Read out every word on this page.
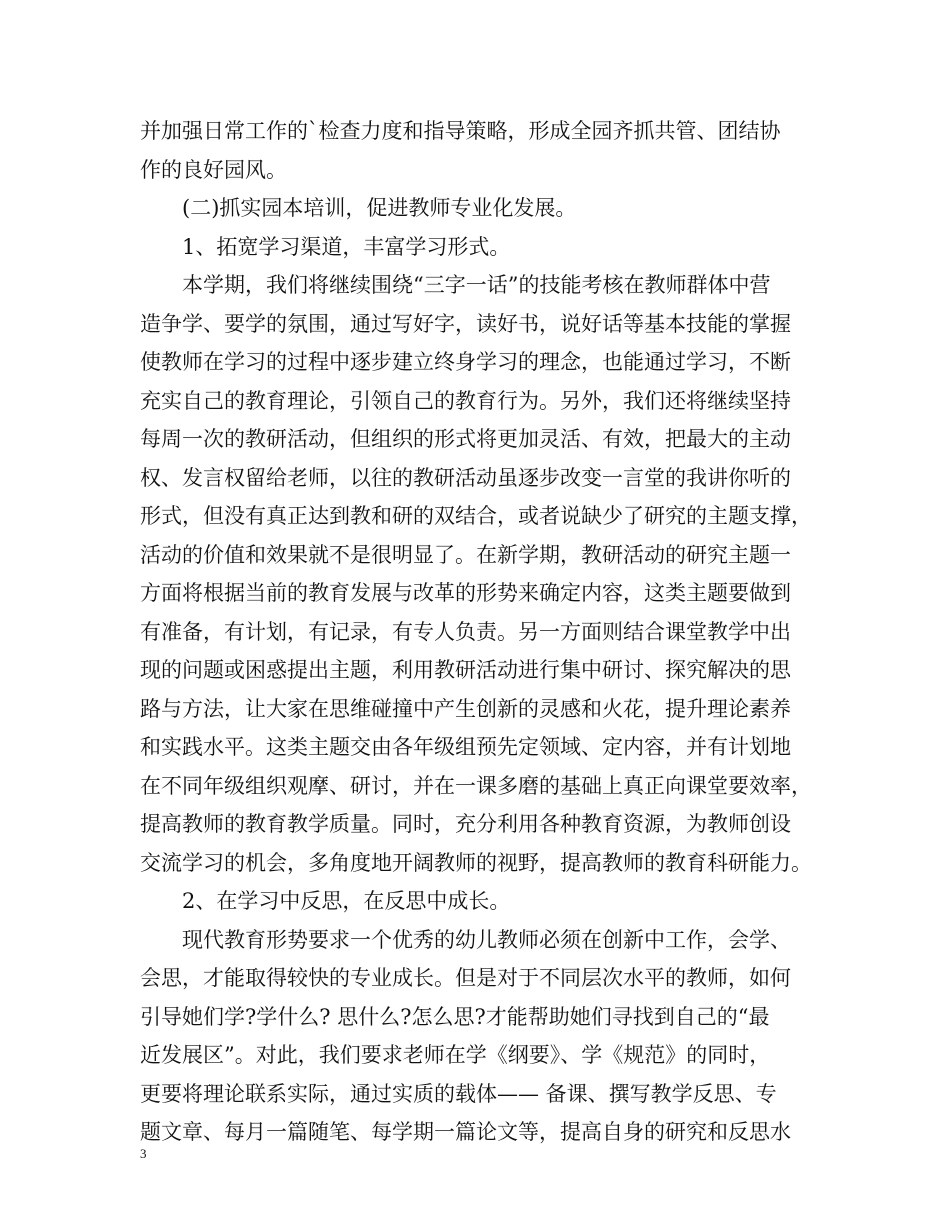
并加强日常工作的`检查力度和指导策略，形成全园齐抓共管、团结协
作的良好园风。
(二)抓实园本培训，促进教师专业化发展。
1、拓宽学习渠道，丰富学习形式。
本学期，我们将继续围绕“三字一话”的技能考核在教师群体中营
造争学、要学的氛围，通过写好字，读好书，说好话等基本技能的掌握
使教师在学习的过程中逐步建立终身学习的理念，也能通过学习，不断
充实自己的教育理论，引领自己的教育行为。另外，我们还将继续坚持
每周一次的教研活动，但组织的形式将更加灵活、有效，把最大的主动
权、发言权留给老师，以往的教研活动虽逐步改变一言堂的我讲你听的
形式，但没有真正达到教和研的双结合，或者说缺少了研究的主题支撑，
活动的价值和效果就不是很明显了。在新学期，教研活动的研究主题一
方面将根据当前的教育发展与改革的形势来确定内容，这类主题要做到
有准备，有计划，有记录，有专人负责。另一方面则结合课堂教学中出
现的问题或困惑提出主题，利用教研活动进行集中研讨、探究解决的思
路与方法，让大家在思维碰撞中产生创新的灵感和火花，提升理论素养
和实践水平。这类主题交由各年级组预先定领域、定内容，并有计划地
在不同年级组织观摩、研讨，并在一课多磨的基础上真正向课堂要效率，
提高教师的教育教学质量。同时，充分利用各种教育资源，为教师创设
交流学习的机会，多角度地开阔教师的视野，提高教师的教育科研能力。
2、在学习中反思，在反思中成长。
现代教育形势要求一个优秀的幼儿教师必须在创新中工作，会学、
会思，才能取得较快的专业成长。但是对于不同层次水平的教师，如何
引导她们学?学什么? 思什么?怎么思?才能帮助她们寻找到自己的“最
近发展区”。对此，我们要求老师在学《纲要》、学《规范》的同时，
更要将理论联系实际，通过实质的载体—— 备课、撰写教学反思、专
题文章、每月一篇随笔、每学期一篇论文等，提高自身的研究和反思水
3
